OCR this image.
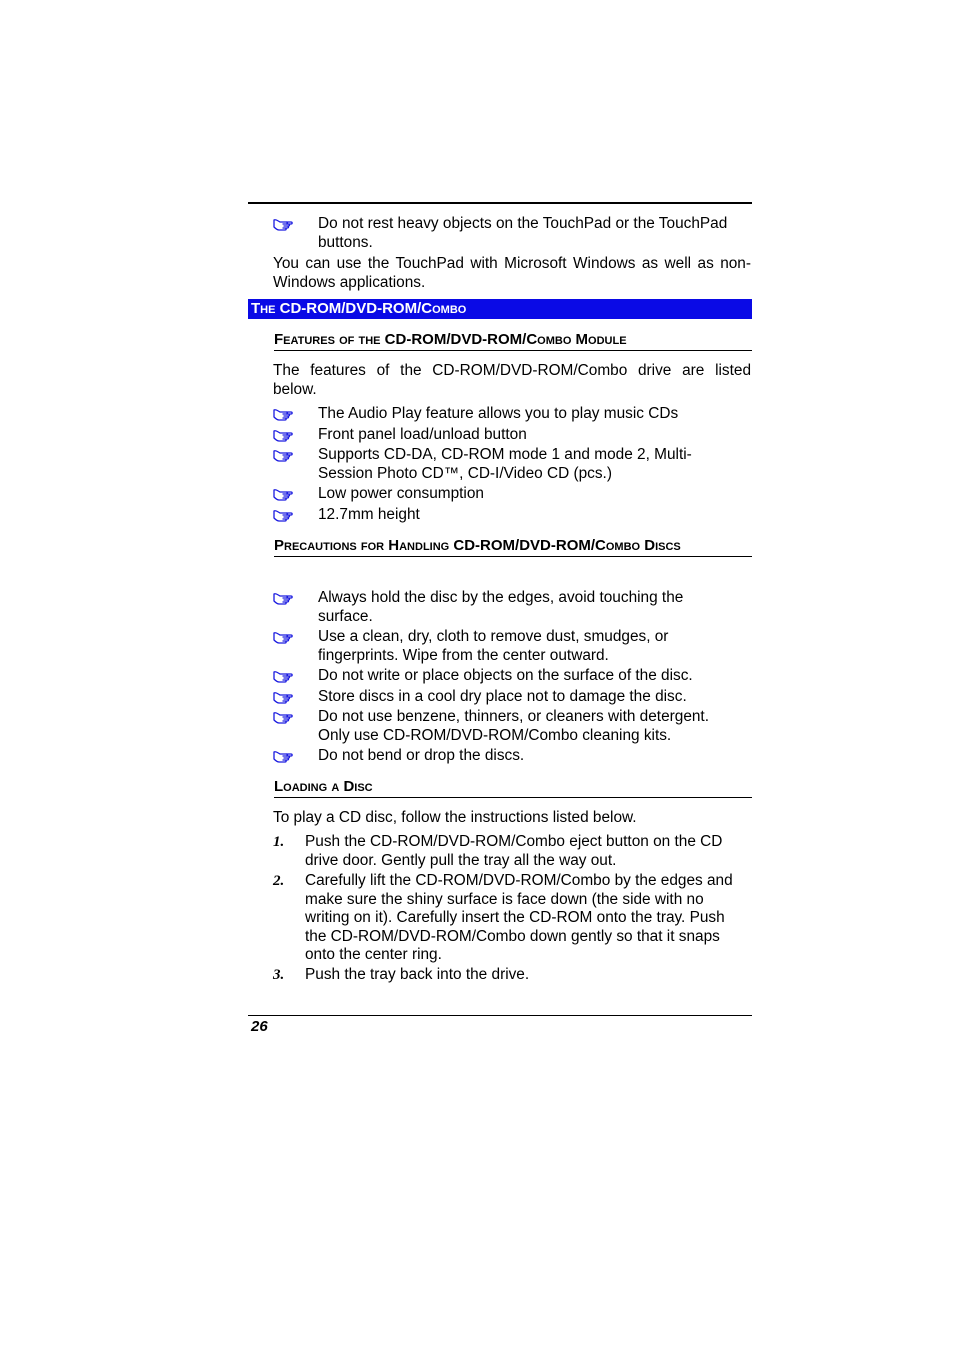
Do not rest heavy objects on the TouchPad or the TouchPad buttons.
You can use the TouchPad with Microsoft Windows as well as non-Windows applications.
The CD-ROM/DVD-ROM/Combo
Features of the CD-ROM/DVD-ROM/Combo Module
The features of the CD-ROM/DVD-ROM/Combo drive are listed below.
The Audio Play feature allows you to play music CDs
Front panel load/unload button
Supports CD-DA, CD-ROM mode 1 and mode 2, Multi-Session Photo CD™, CD-I/Video CD (pcs.)
Low power consumption
12.7mm height
Precautions for Handling CD-ROM/DVD-ROM/Combo Discs
Always hold the disc by the edges, avoid touching the surface.
Use a clean, dry, cloth to remove dust, smudges, or fingerprints. Wipe from the center outward.
Do not write or place objects on the surface of the disc.
Store discs in a cool dry place not to damage the disc.
Do not use benzene, thinners, or cleaners with detergent. Only use CD-ROM/DVD-ROM/Combo cleaning kits.
Do not bend or drop the discs.
Loading a Disc
To play a CD disc, follow the instructions listed below.
1. Push the CD-ROM/DVD-ROM/Combo eject button on the CD drive door. Gently pull the tray all the way out.
2. Carefully lift the CD-ROM/DVD-ROM/Combo by the edges and make sure the shiny surface is face down (the side with no writing on it). Carefully insert the CD-ROM onto the tray. Push the CD-ROM/DVD-ROM/Combo down gently so that it snaps onto the center ring.
3. Push the tray back into the drive.
26
